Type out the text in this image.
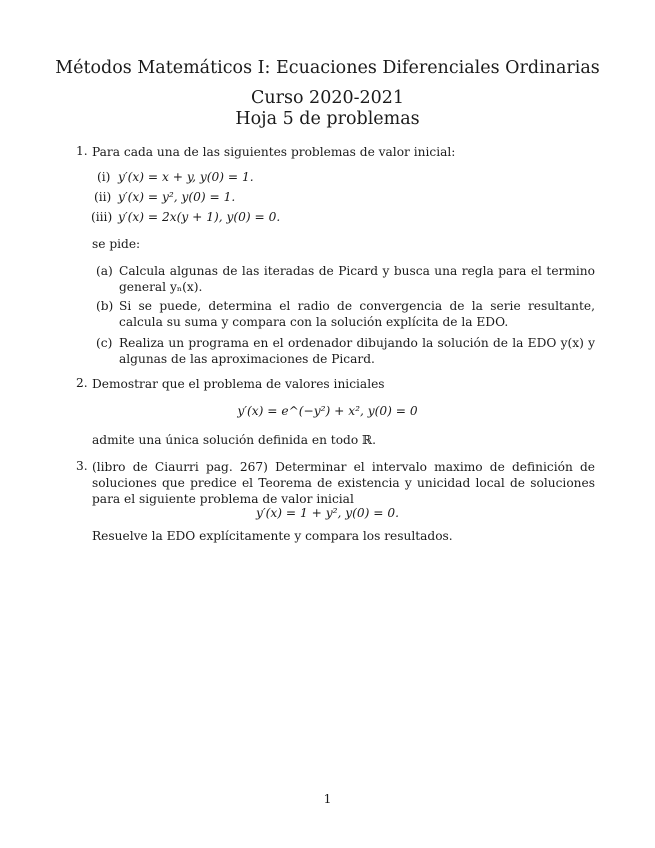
Métodos Matemáticos I: Ecuaciones Diferenciales Ordinarias
Curso 2020-2021
Hoja 5 de problemas
1. Para cada una de las siguientes problemas de valor inicial:
(i) y′(x) = x + y, y(0) = 1.
(ii) y′(x) = y², y(0) = 1.
(iii) y′(x) = 2x(y + 1), y(0) = 0.
se pide:
(a) Calcula algunas de las iteradas de Picard y busca una regla para el termino general yₙ(x).
(b) Si se puede, determina el radio de convergencia de la serie resultante, calcula su suma y compara con la solución explícita de la EDO.
(c) Realiza un programa en el ordenador dibujando la solución de la EDO y(x) y algunas de las aproximaciones de Picard.
2. Demostrar que el problema de valores iniciales
y′(x) = e^(−y²) + x², y(0) = 0
admite una única solución definida en todo ℝ.
3. (libro de Ciaurri pag. 267) Determinar el intervalo maximo de definición de soluciones que predice el Teorema de existencia y unicidad local de soluciones para el siguiente problema de valor inicial
y′(x) = 1 + y², y(0) = 0.
Resuelve la EDO explícitamente y compara los resultados.
1
